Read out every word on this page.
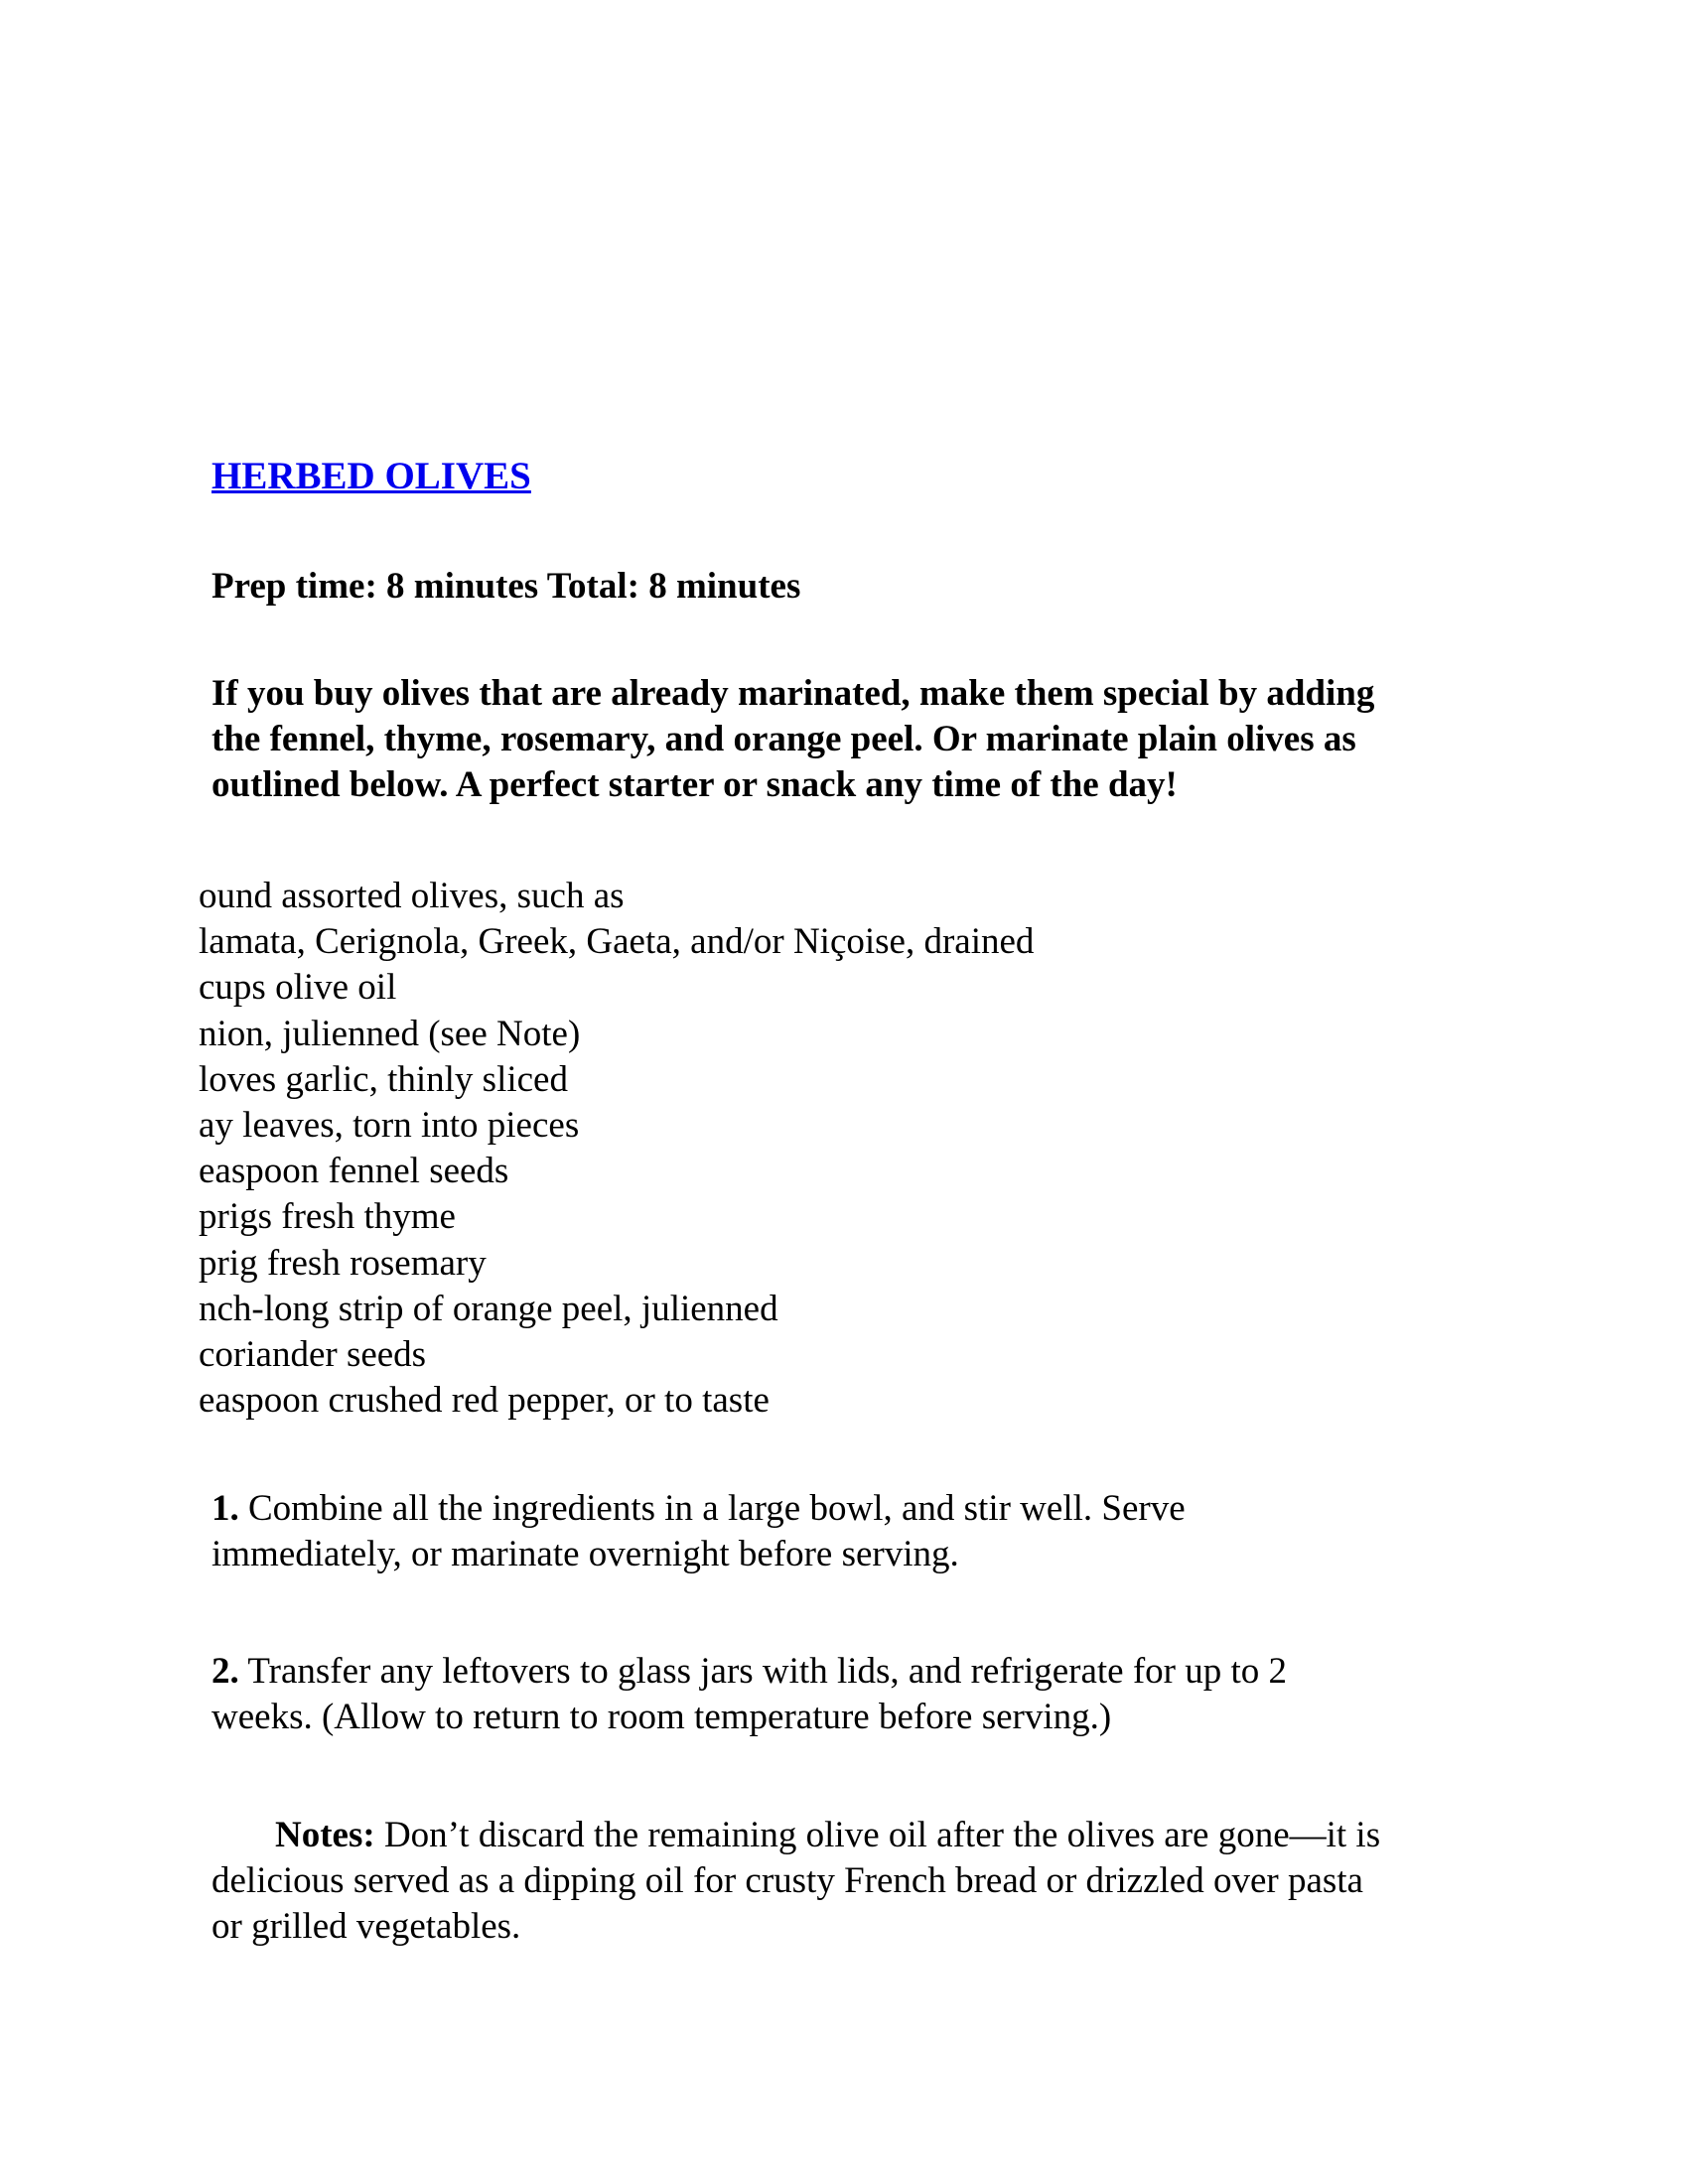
HERBED OLIVES
Prep time: 8 minutes Total: 8 minutes
If you buy olives that are already marinated, make them special by adding
the fennel, thyme, rosemary, and orange peel. Or marinate plain olives as
outlined below. A perfect starter or snack any time of the day!
ound assorted olives, such as
lamata, Cerignola, Greek, Gaeta, and/or Niçoise, drained
cups olive oil
nion, julienned (see Note)
loves garlic, thinly sliced
ay leaves, torn into pieces
easpoon fennel seeds
prigs fresh thyme
prig fresh rosemary
nch-long strip of orange peel, julienned
coriander seeds
easpoon crushed red pepper, or to taste
1. Combine all the ingredients in a large bowl, and stir well. Serve
immediately, or marinate overnight before serving.
2. Transfer any leftovers to glass jars with lids, and refrigerate for up to 2
weeks. (Allow to return to room temperature before serving.)
Notes: Don’t discard the remaining olive oil after the olives are gone—it is
delicious served as a dipping oil for crusty French bread or drizzled over pasta
or grilled vegetables.
